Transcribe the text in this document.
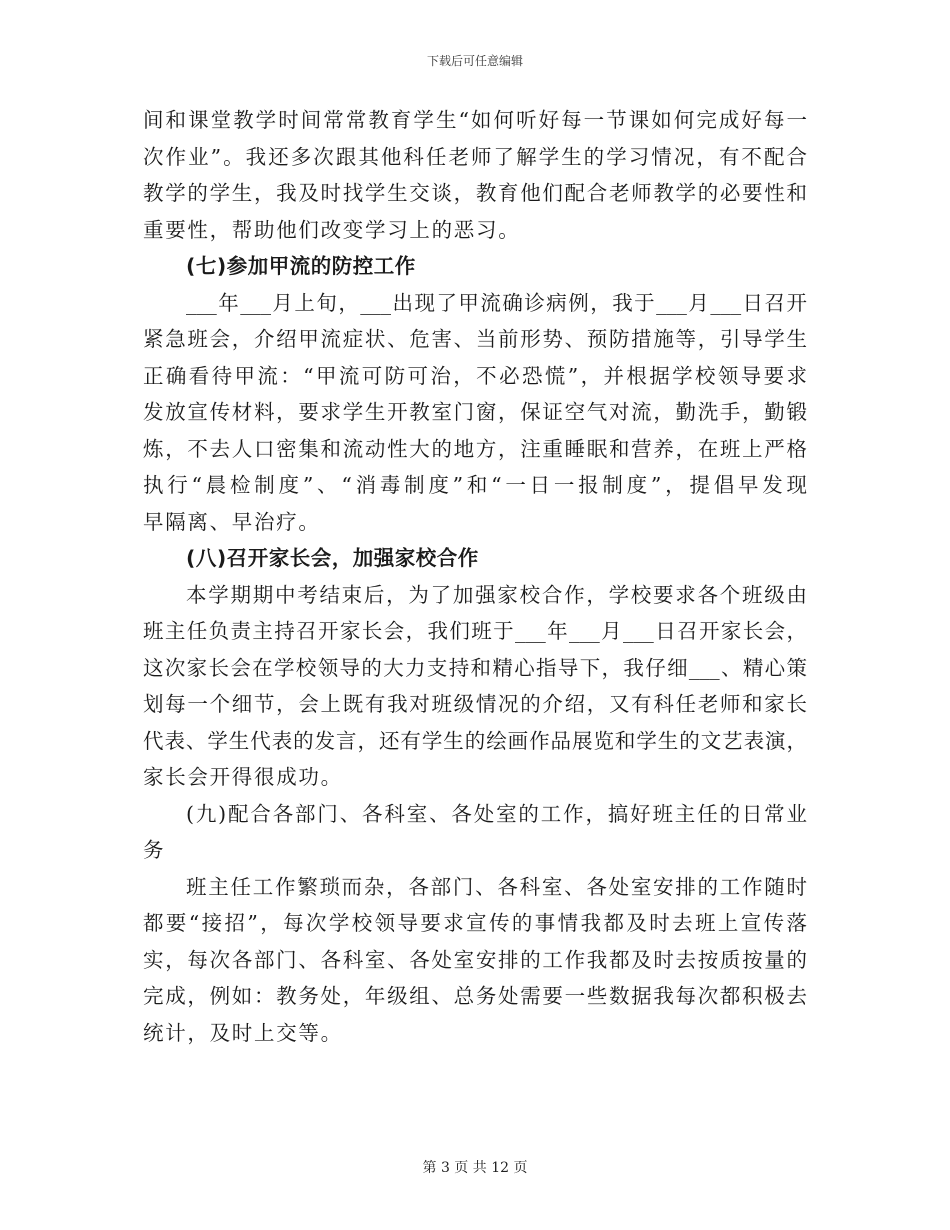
下载后可任意编辑
间和课堂教学时间常常教育学生“如何听好每一节课如何完成好每一
次作业”。我还多次跟其他科任老师了解学生的学习情况，有不配合
教学的学生，我及时找学生交谈，教育他们配合老师教学的必要性和
重要性，帮助他们改变学习上的恶习。
(七)参加甲流的防控工作
___年___月上旬，___出现了甲流确诊病例，我于___月___日召开
紧急班会，介绍甲流症状、危害、当前形势、预防措施等，引导学生
正确看待甲流：“甲流可防可治，不必恐慌”，并根据学校领导要求
发放宣传材料，要求学生开教室门窗，保证空气对流，勤洗手，勤锻
炼，不去人口密集和流动性大的地方，注重睡眠和营养，在班上严格
执行“晨检制度”、“消毒制度”和“一日一报制度”，提倡早发现
早隔离、早治疗。
(八)召开家长会，加强家校合作
本学期期中考结束后，为了加强家校合作，学校要求各个班级由
班主任负责主持召开家长会，我们班于___年___月___日召开家长会，
这次家长会在学校领导的大力支持和精心指导下，我仔细___、精心策
划每一个细节，会上既有我对班级情况的介绍，又有科任老师和家长
代表、学生代表的发言，还有学生的绘画作品展览和学生的文艺表演，
家长会开得很成功。
(九)配合各部门、各科室、各处室的工作，搞好班主任的日常业
务
班主任工作繁琐而杂，各部门、各科室、各处室安排的工作随时
都要“接招”，每次学校领导要求宣传的事情我都及时去班上宣传落
实，每次各部门、各科室、各处室安排的工作我都及时去按质按量的
完成，例如：教务处，年级组、总务处需要一些数据我每次都积极去
统计，及时上交等。
第 3 页 共 12 页
